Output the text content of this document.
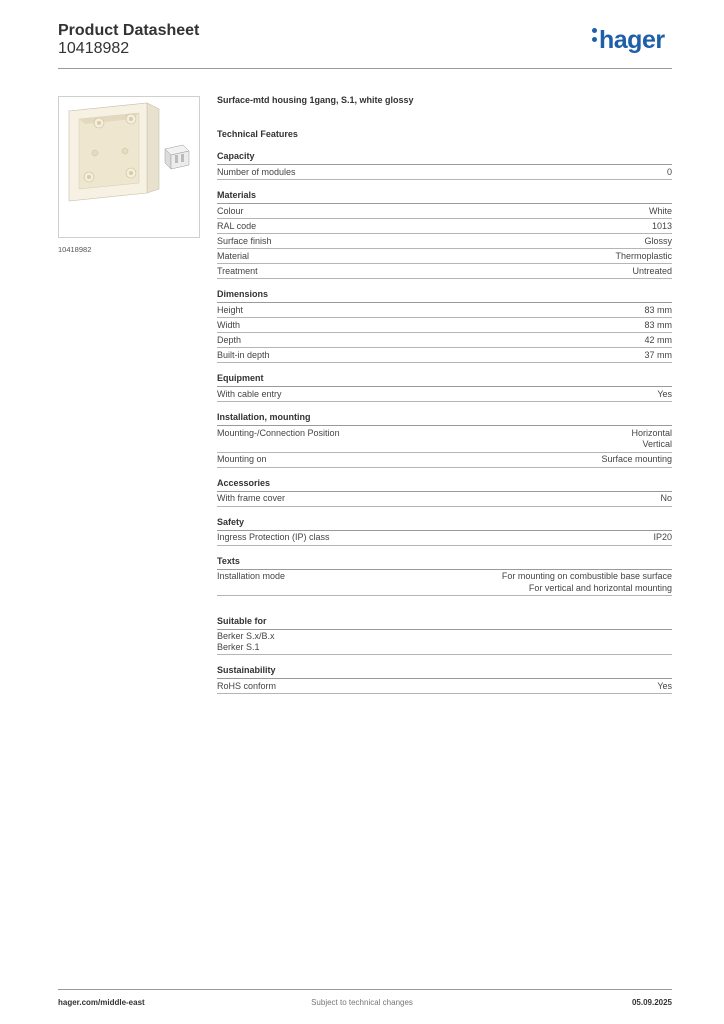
Product Datasheet
10418982	hager
10418982
Surface-mtd housing 1gang, S.1, white glossy
Technical Features
Capacity
Number of modules	0
Materials
Colour	White
RAL code	1013
Surface finish	Glossy
Material	Thermoplastic
Treatment	Untreated
Dimensions
Height	83 mm
Width	83 mm
Depth	42 mm
Built-in depth	37 mm
Equipment
With cable entry	Yes
Installation, mounting
Mounting-/Connection Position	Horizontal
Vertical
Mounting on	Surface mounting
Accessories
With frame cover	No
Safety
Ingress Protection (IP) class	IP20
Texts
Installation mode	For mounting on combustible base surface
For vertical and horizontal mounting
Suitable for
Berker S.x/B.x
Berker S.1
Sustainability
RoHS conform	Yes
hager.com/middle-east	Subject to technical changes	05.09.2025
